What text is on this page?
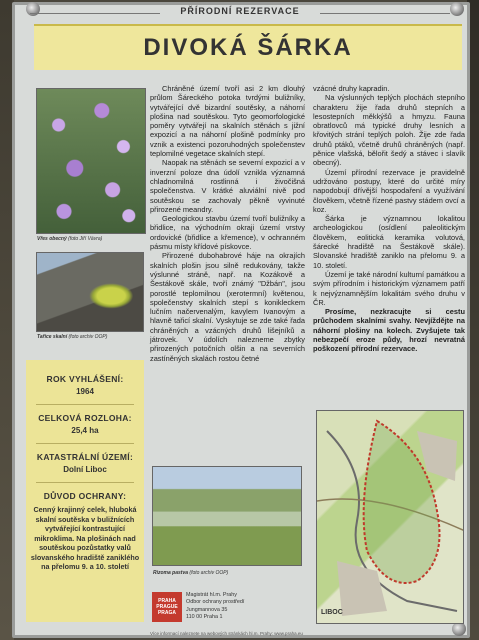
PŘÍRODNÍ REZERVACE
DIVOKÁ ŠÁRKA
Vřes obecný (foto Jiří Vávra)
Tařice skalní (foto archiv OOP)
ROK VYHLÁŠENÍ:
1964
CELKOVÁ ROZLOHA:
25,4 ha
KATASTRÁLNÍ ÚZEMÍ:
Dolní Liboc
DŮVOD OCHRANY:
Cenný krajinný celek, hluboká skalní soutěska v buližnících vytvářející kontrastující mikroklima. Na plošinách nad soutěskou pozůstatky valů slovanského hradiště zaniklého na přelomu 9. a 10. století

Chráněné území tvoří asi 2 km dlouhý průlom Šáreckého potoka tvrdými buližníky, vytvářející dvě bizardní soutěsky, a náhorní plošina nad soutěskou. Tyto geomorfologické poměry vytvářejí na skalních stěnách s jižní expozicí a na náhorní plošině podmínky pro vznik a existenci pozoruhodných společenstev teplomilné vegetace skalních stepí.

Naopak na stěnách se severní expozicí a v inverzní poloze dna údolí vznikla významná chladnomilná rostlinná i živočišná společenstva. V krátké aluviální nivě pod soutěskou se zachovaly pěkně vyvinuté přirozené meandry.

Geologickou stavbu území tvoří buližníky a břidlice, na východním okraji území vrstvy ordovické (břidlice a křemence), v ochranném pásmu místy křídové pískovce.

Přirozené dubohabrové háje na okrajích skalních plošin jsou silně redukovány, takže výslunné stráně, např. na Kozákově a Šestákově skále, tvoří známý "Džbán", jsou porostlé teplomilnou (xerotermní) květenou, společenstvy skalních stepí s konikleckem lučním načervenalým, kavylem Ivanovým a hlavně tařicí skalní. Vyskytuje se zde také řada chráněných a vzácných druhů lišejníků a játrovek. V údolích nalezneme zbytky přirozených potočních olšin a na severních zastíněných skalách rostou četné

Rizoma pastva (foto archiv OOP)

vzácné druhy kapradin.

Na výslunných teplých plochách stepního charakteru žije řada druhů stepních a lesostepních měkkýšů a hmyzu. Fauna obratlovců má typické druhy lesních a křovitých strání teplých poloh. Žije zde řada druhů ptáků, včetně druhů chráněných (např. pěnice vlašská, bělořit šedý a stávec i slavík obecný).

Území přírodní rezervace je pravidelně udržováno postupy, které do určité míry napodobují dřívější hospodaření a využívání člověkem, včetně řízené pastvy stádem ovcí a koz.

Šárka je významnou lokalitou archeologickou (osídlení paleolitickým člověkem, eolitická keramika volutová, šárecké hradiště na Šestákově skále). Slovanské hradiště zaniklo na přelomu 9. a 10. století.

Území je také národní kulturní památkou a svým přírodním i historickým významem patří k nejvýznamnějším lokalitám svého druhu v ČR.

Prosíme, nezkracujte si cestu průchodem skalními svahy. Nevjíždějte na náhorní plošiny na kolech. Zvyšujete tak nebezpečí eroze půdy, hrozí nevratná poškození přírodní rezervace.

LIBOC
PRAHA PRAGUE PRAGA
Magistrát hl.m. Prahy
Odbor ochrany prostředí
Jungmannova 35
110 00 Praha 1
Více informací naleznete na webových stránkách hl.m. Prahy: www.praha.eu
